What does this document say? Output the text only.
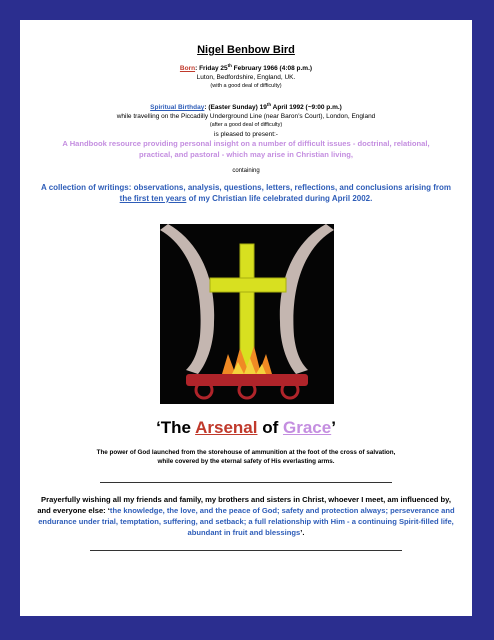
Nigel Benbow Bird
Born: Friday 25th February 1966 (4:08 p.m.)
Luton, Bedfordshire, England, UK.
(with a good deal of difficulty)
Spiritual Birthday: (Easter Sunday) 19th April 1992 (~9:00 p.m.)
while travelling on the Piccadilly Underground Line (near Baron’s Court), London, England
(after a good deal of difficulty)
is pleased to present:-
A Handbook resource providing personal insight on a number of difficult issues - doctrinal, relational, practical, and pastoral - which may arise in Christian living,
containing
A collection of writings: observations, analysis, questions, letters, reflections, and conclusions arising from the first ten years of my Christian life celebrated during April 2002.
‘The Arsenal of Grace’
The power of God launched from the storehouse of ammunition at the foot of the cross of salvation, while covered by the eternal safety of His everlasting arms.
Prayerfully wishing all my friends and family, my brothers and sisters in Christ, whoever I meet, am influenced by, and everyone else: ‘the knowledge, the love, and the peace of God; safety and protection always; perseverance and endurance under trial, temptation, suffering, and setback; a full relationship with Him - a continuing Spirit-filled life, abundant in fruit and blessings’.
